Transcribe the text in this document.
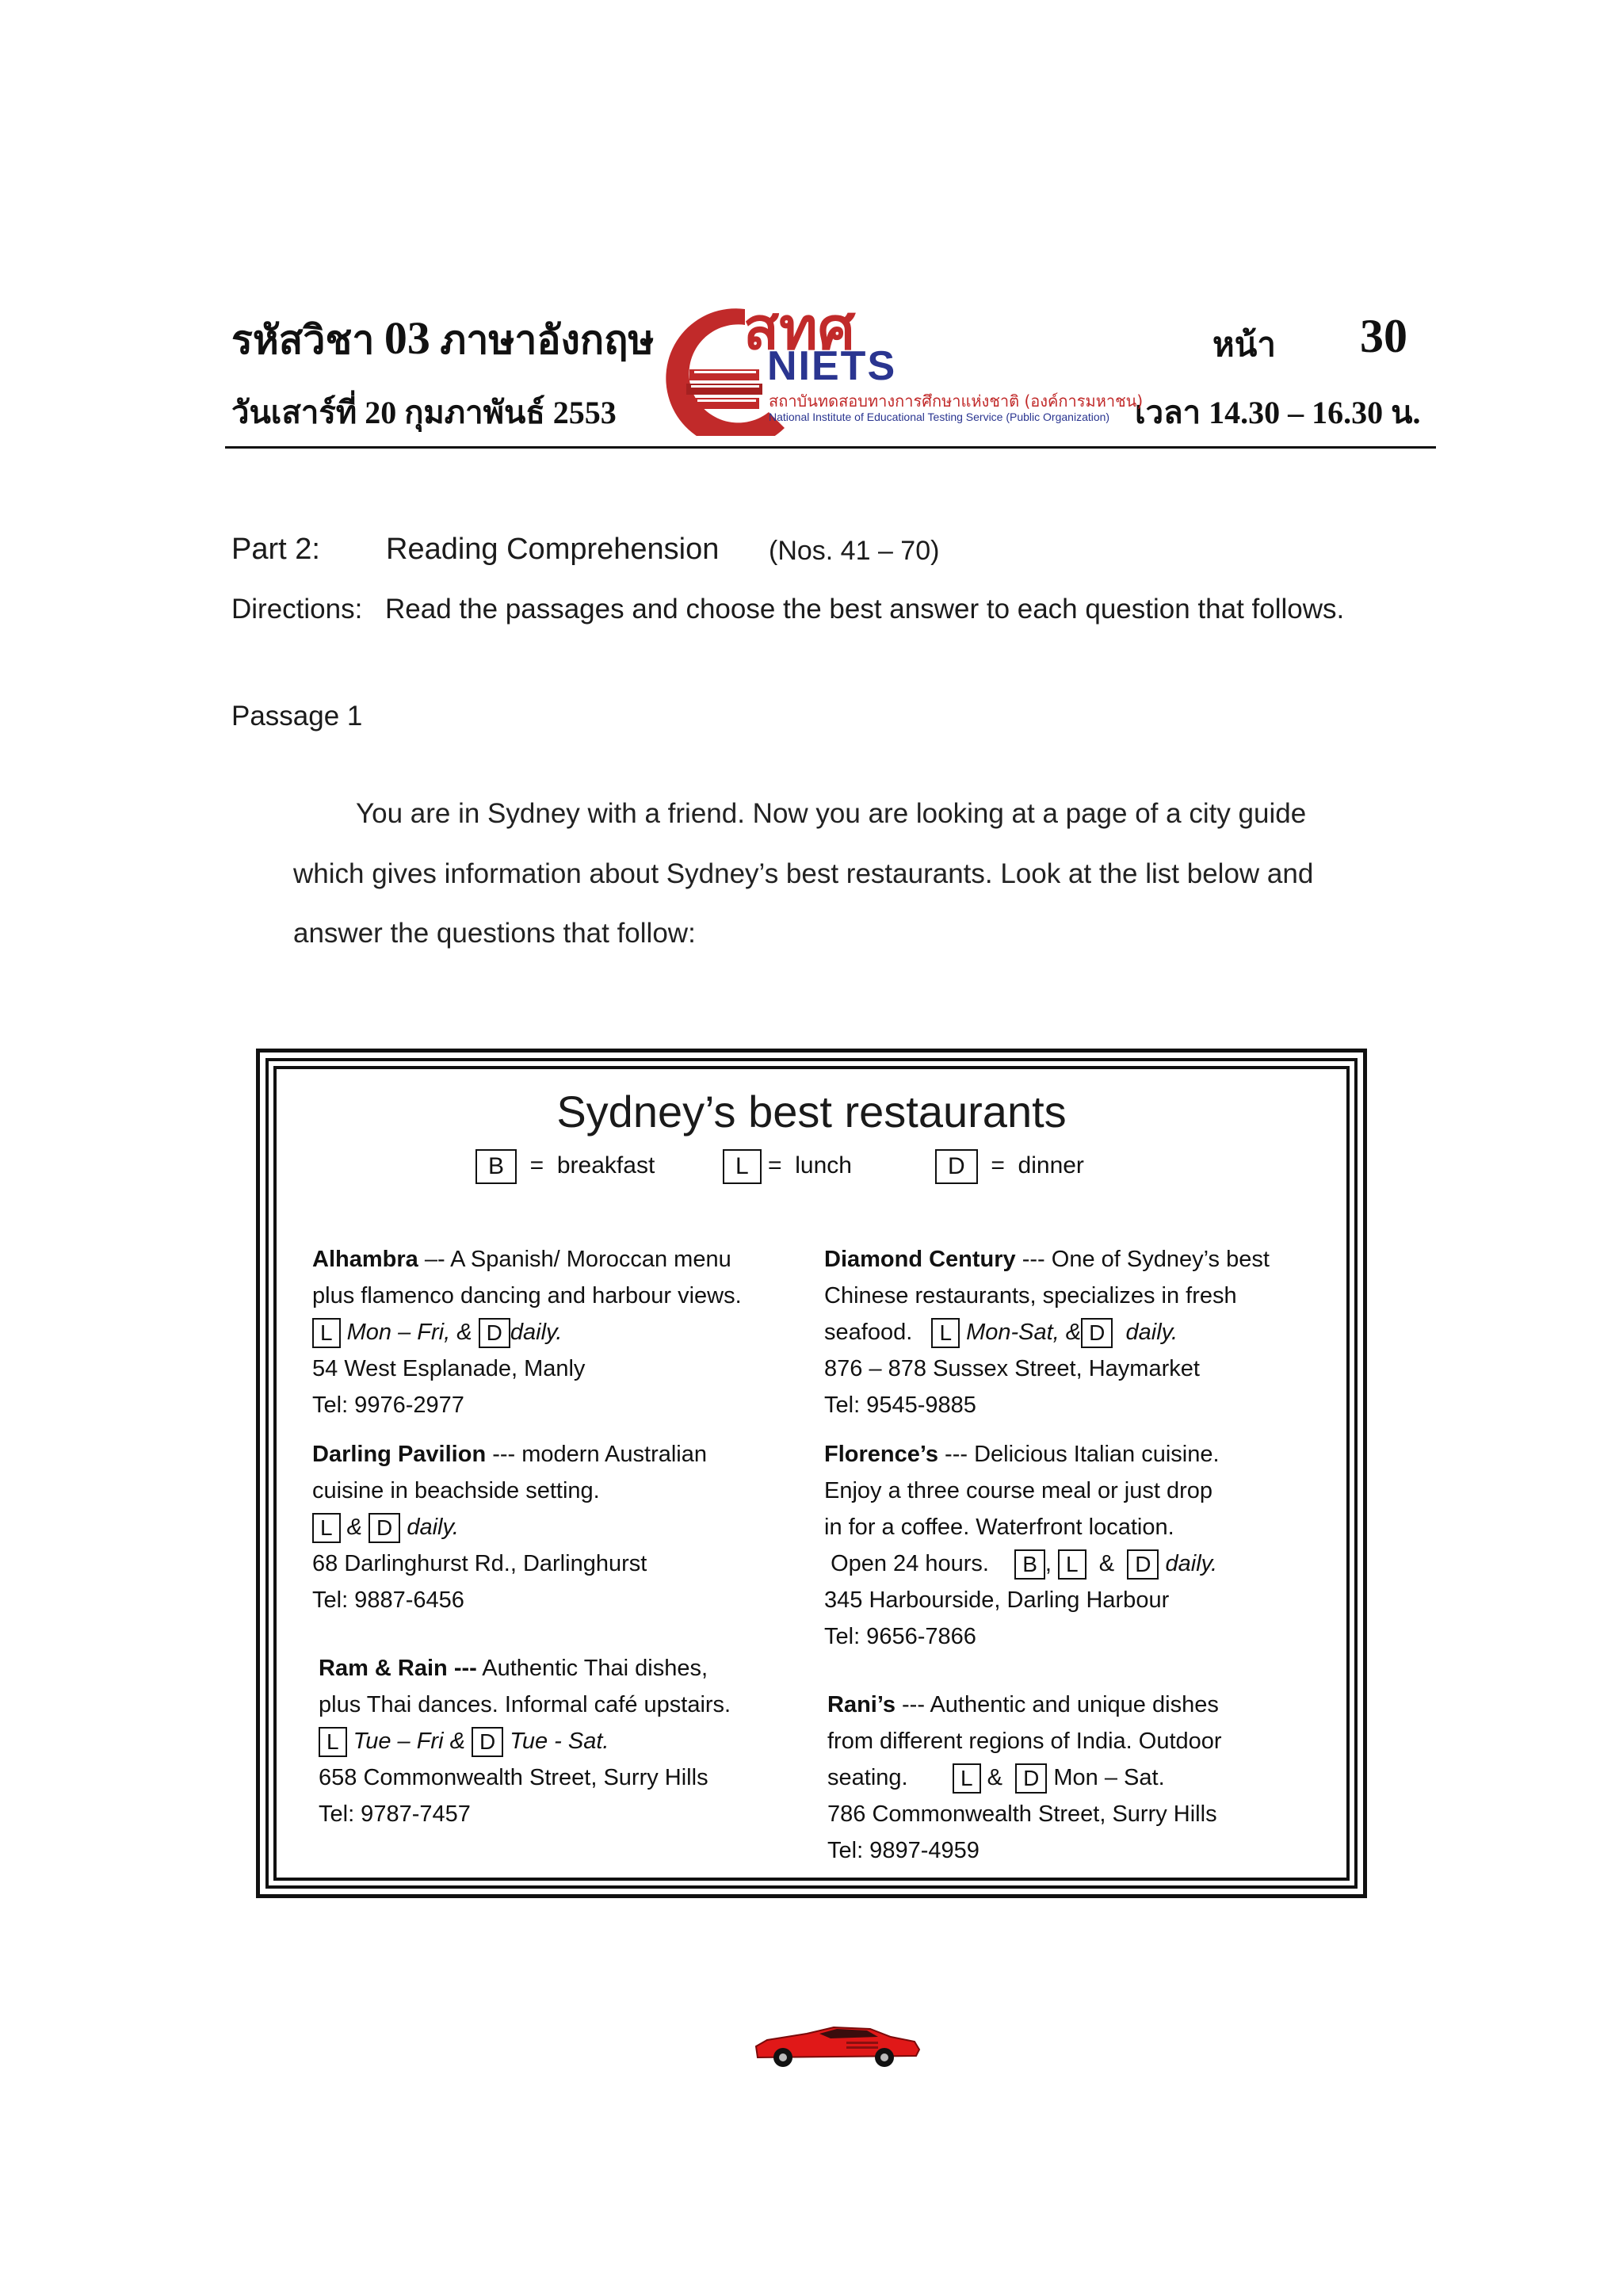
รหัสวิชา 03 ภาษาอังกฤษ
วันเสาร์ที่ 20 กุมภาพันธ์ 2553
หน้า 30
เวลา 14.30 – 16.30 น.
สทศ
NIETS
สถาบันทดสอบทางการศึกษาแห่งชาติ (องค์การมหาชน)
National Institute of Educational Testing Service (Public Organization)
Part 2: Reading Comprehension (Nos. 41 – 70)
Directions: Read the passages and choose the best answer to each question that follows.
Passage 1
You are in Sydney with a friend. Now you are looking at a page of a city guide
which gives information about Sydney’s best restaurants. Look at the list below and
answer the questions that follow:
Sydney’s best restaurants
B  =  breakfast	L =  lunch	D  =  dinner
Alhambra –- A Spanish/ Moroccan menu
plus flamenco dancing and harbour views.
L Mon – Fri, & D daily.
54 West Esplanade, Manly
Tel: 9976-2977
Darling Pavilion --- modern Australian
cuisine in beachside setting.
L & D daily.
68 Darlinghurst Rd., Darlinghurst
Tel: 9887-6456
Ram & Rain --- Authentic Thai dishes,
plus Thai dances. Informal café upstairs.
L Tue – Fri & D Tue - Sat.
658 Commonwealth Street, Surry Hills
Tel: 9787-7457
Diamond Century --- One of Sydney’s best
Chinese restaurants, specializes in fresh
seafood. L Mon-Sat, & D daily.
876 – 878 Sussex Street, Haymarket
Tel: 9545-9885
Florence’s --- Delicious Italian cuisine.
Enjoy a three course meal or just drop
in for a coffee. Waterfront location.
Open 24 hours. B , L & D daily.
345 Harbourside, Darling Harbour
Tel: 9656-7866
Rani’s --- Authentic and unique dishes
from different regions of India. Outdoor
seating. L & D Mon – Sat.
786 Commonwealth Street, Surry Hills
Tel: 9897-4959
